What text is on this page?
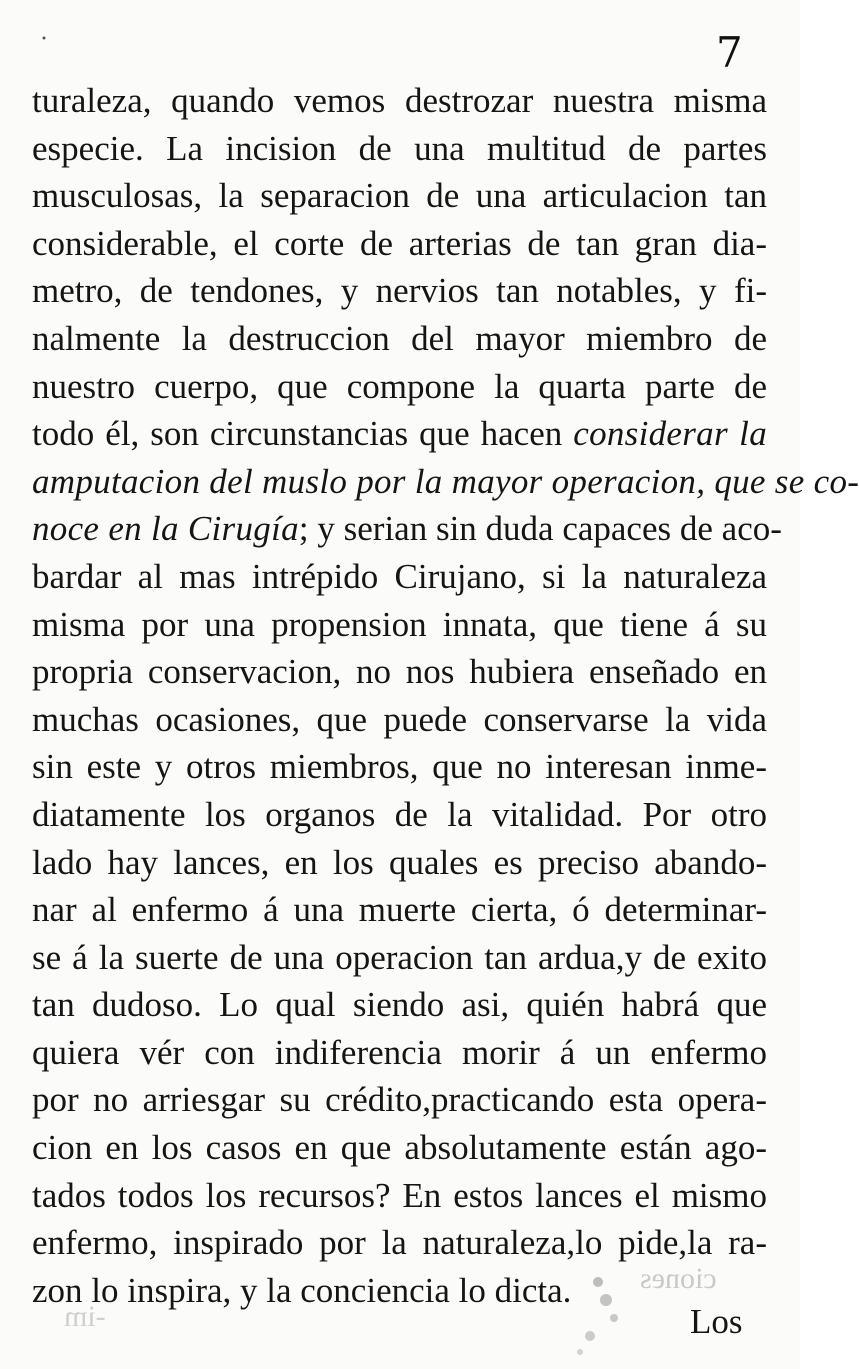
7
turaleza, quando vemos destrozar nuestra misma
especie. La incision de una multitud de partes
musculosas, la separacion de una articulacion tan
considerable, el corte de arterias de tan gran dia-
metro, de tendones, y nervios tan notables, y fi-
nalmente la destruccion del mayor miembro de
nuestro cuerpo, que compone la quarta parte de
todo él, son circunstancias que hacen considerar la
amputacion del muslo por la mayor operacion, que se co-
noce en la Cirugía; y serian sin duda capaces de aco-
bardar al mas intrépido Cirujano, si la naturaleza
misma por una propension innata, que tiene á su
propria conservacion, no nos hubiera enseñado en
muchas ocasiones, que puede conservarse la vida
sin este y otros miembros, que no interesan inme-
diatamente los organos de la vitalidad. Por otro
lado hay lances, en los quales es preciso abando-
nar al enfermo á una muerte cierta, ó determinar-
se á la suerte de una operacion tan ardua,y de exito
tan dudoso. Lo qual siendo asi, quién habrá que
quiera vér con indiferencia morir á un enfermo
por no arriesgar su crédito,practicando esta opera-
cion en los casos en que absolutamente están ago-
tados todos los recursos? En estos lances el mismo
enfermo, inspirado por la naturaleza,lo pide,la ra-
zon lo inspira, y la conciencia lo dicta.	ciones
-im	Los
